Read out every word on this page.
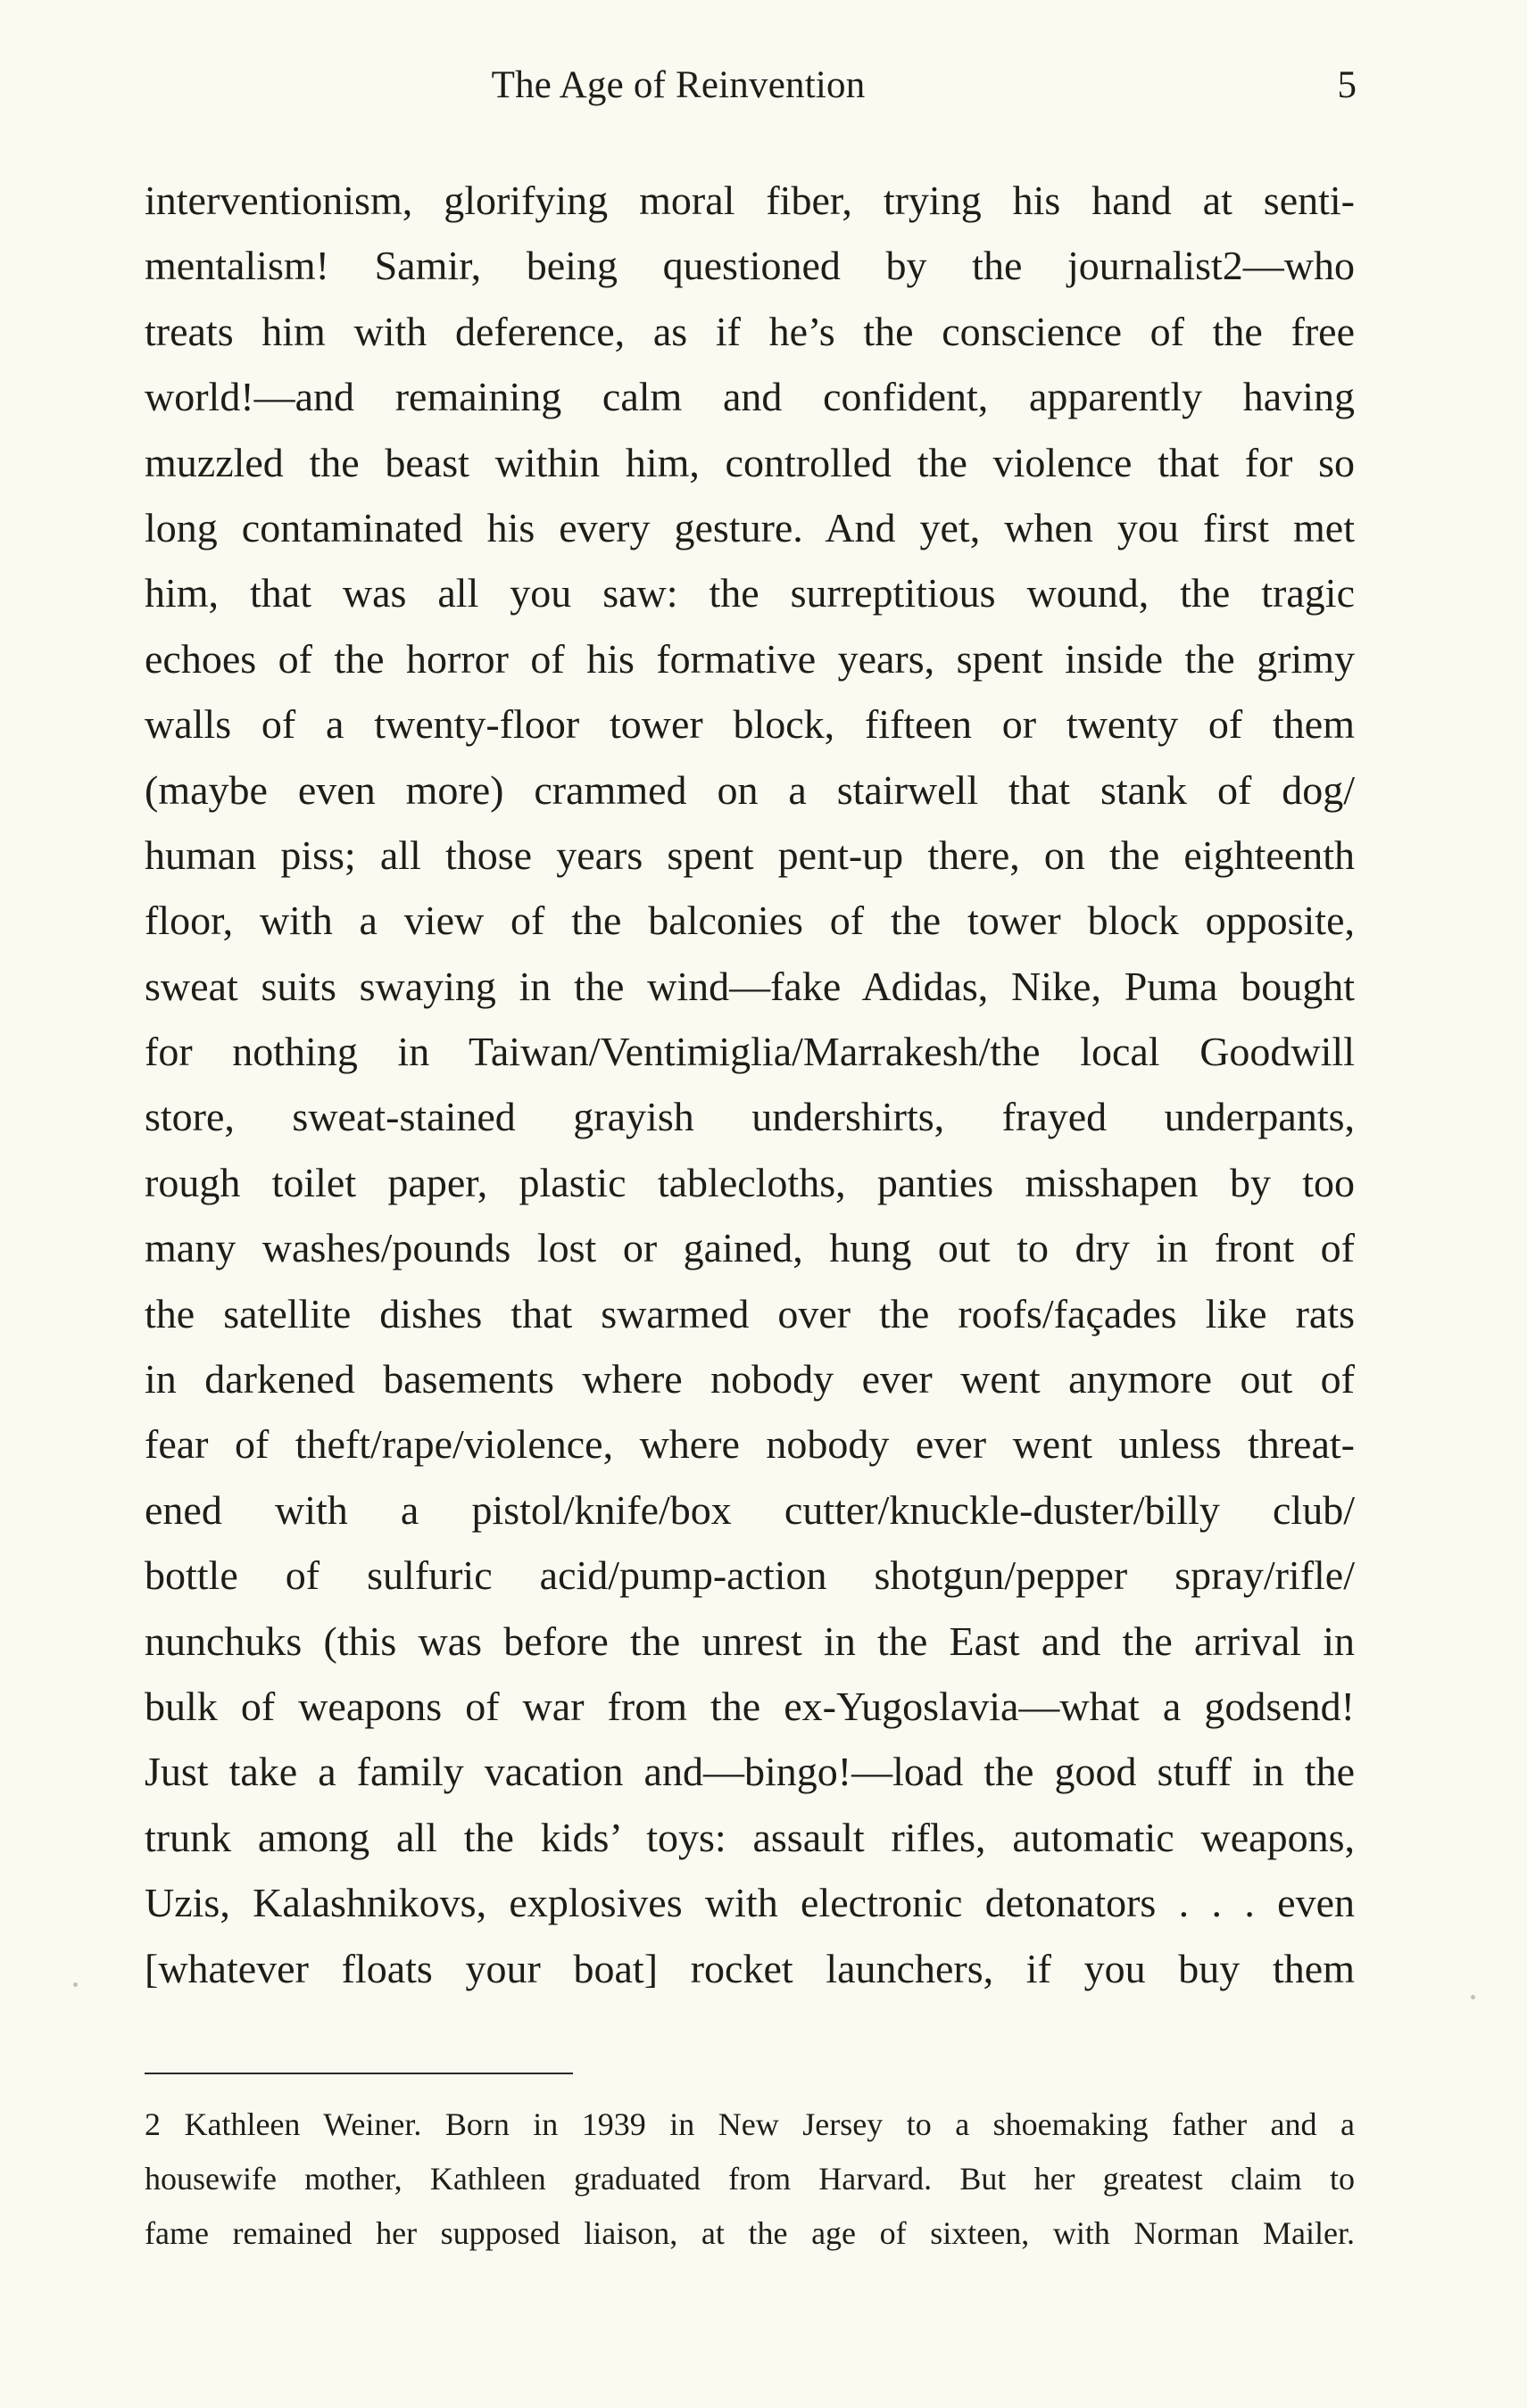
The Age of Reinvention	5
interventionism, glorifying moral fiber, trying his hand at senti-
mentalism! Samir, being questioned by the journalist2—who
treats him with deference, as if he’s the conscience of the free
world!—and remaining calm and confident, apparently having
muzzled the beast within him, controlled the violence that for so
long contaminated his every gesture. And yet, when you first met
him, that was all you saw: the surreptitious wound, the tragic
echoes of the horror of his formative years, spent inside the grimy
walls of a twenty-floor tower block, fifteen or twenty of them
(maybe even more) crammed on a stairwell that stank of dog/
human piss; all those years spent pent-up there, on the eighteenth
floor, with a view of the balconies of the tower block opposite,
sweat suits swaying in the wind—fake Adidas, Nike, Puma bought
for nothing in Taiwan/Ventimiglia/Marrakesh/the local Goodwill
store, sweat-stained grayish undershirts, frayed underpants,
rough toilet paper, plastic tablecloths, panties misshapen by too
many washes/pounds lost or gained, hung out to dry in front of
the satellite dishes that swarmed over the roofs/façades like rats
in darkened basements where nobody ever went anymore out of
fear of theft/rape/violence, where nobody ever went unless threat-
ened with a pistol/knife/box cutter/knuckle-duster/billy club/
bottle of sulfuric acid/pump-action shotgun/pepper spray/rifle/
nunchuks (this was before the unrest in the East and the arrival in
bulk of weapons of war from the ex-Yugoslavia—what a godsend!
Just take a family vacation and—bingo!—load the good stuff in the
trunk among all the kids’ toys: assault rifles, automatic weapons,
Uzis, Kalashnikovs, explosives with electronic detonators . . . even
[whatever floats your boat] rocket launchers, if you buy them
2 Kathleen Weiner. Born in 1939 in New Jersey to a shoemaking father and a
housewife mother, Kathleen graduated from Harvard. But her greatest claim to
fame remained her supposed liaison, at the age of sixteen, with Norman Mailer.
